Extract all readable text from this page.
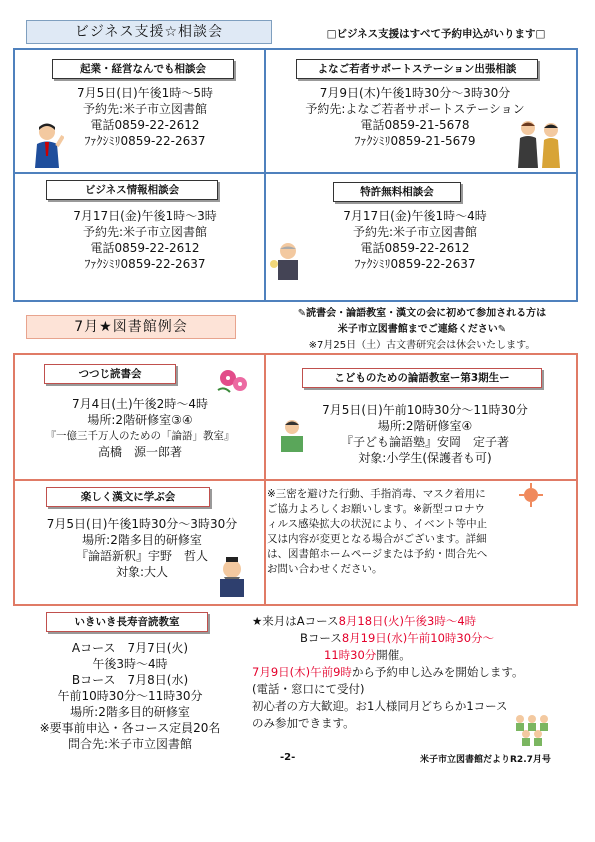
ビジネス支援☆相談会	□ビジネス支援はすべて予約申込がいります□
起業・経営なんでも相談会
7月5日(日)午後1時～5時
予約先:米子市立図書館
電話0859-22-2612
ﾌｧｸｼﾐﾘ0859-22-2637
よなご若者サポートステーション出張相談
7月9日(木)午後1時30分～3時30分
予約先:よなご若者サポートステーション
電話0859-21-5678
ﾌｧｸｼﾐﾘ0859-21-5679
ビジネス情報相談会
7月17日(金)午後1時～3時
予約先:米子市立図書館
電話0859-22-2612
ﾌｧｸｼﾐﾘ0859-22-2637
特許無料相談会
7月17日(金)午後1時～4時
予約先:米子市立図書館
電話0859-22-2612
ﾌｧｸｼﾐﾘ0859-22-2637
7月★図書館例会
✎読書会・論語教室・漢文の会に初めて参加される方は
米子市立図書館までご連絡ください✎
※7月25日（土）古文書研究会は休会いたします。
つつじ読書会
7月4日(土)午後2時～4時
場所:2階研修室③④
『一億三千万人のための「論語」教室』
高橋　源一郎著
こどものための論語教室ー第3期生ー
7月5日(日)午前10時30分～11時30分
場所:2階研修室④
『子ども論語塾』安岡　定子著
対象:小学生(保護者も可)
楽しく漢文に学ぶ会
7月5日(日)午後1時30分～3時30分
場所:2階多目的研修室
『論語新釈』宇野　哲人
対象:大人
※三密を避けた行動、手指消毒、マスク着用にご協力よろしくお願いします。※新型コロナウィルス感染拡大の状況により、イベント等中止又は内容が変更となる場合がございます。詳細は、図書館ホームページまたは予約・問合先へお問い合わせください。
いきいき長寿音読教室
Aコース　7月7日(火)
午後3時～4時
Bコース　7月8日(水)
午前10時30分～11時30分
場所:2階多目的研修室
※要事前申込・各コース定員20名
問合先:米子市立図書館
★来月はAコース8月18日(火)午後3時～4時
Bコース8月19日(水)午前10時30分～
11時30分開催。
7月9日(木)午前9時から予約申し込みを開始します。
(電話・窓口にて受付)
初心者の方大歓迎。お1人様同月どちらか1コース
のみ参加できます。
-2-	米子市立図書館だよりR2.7月号
